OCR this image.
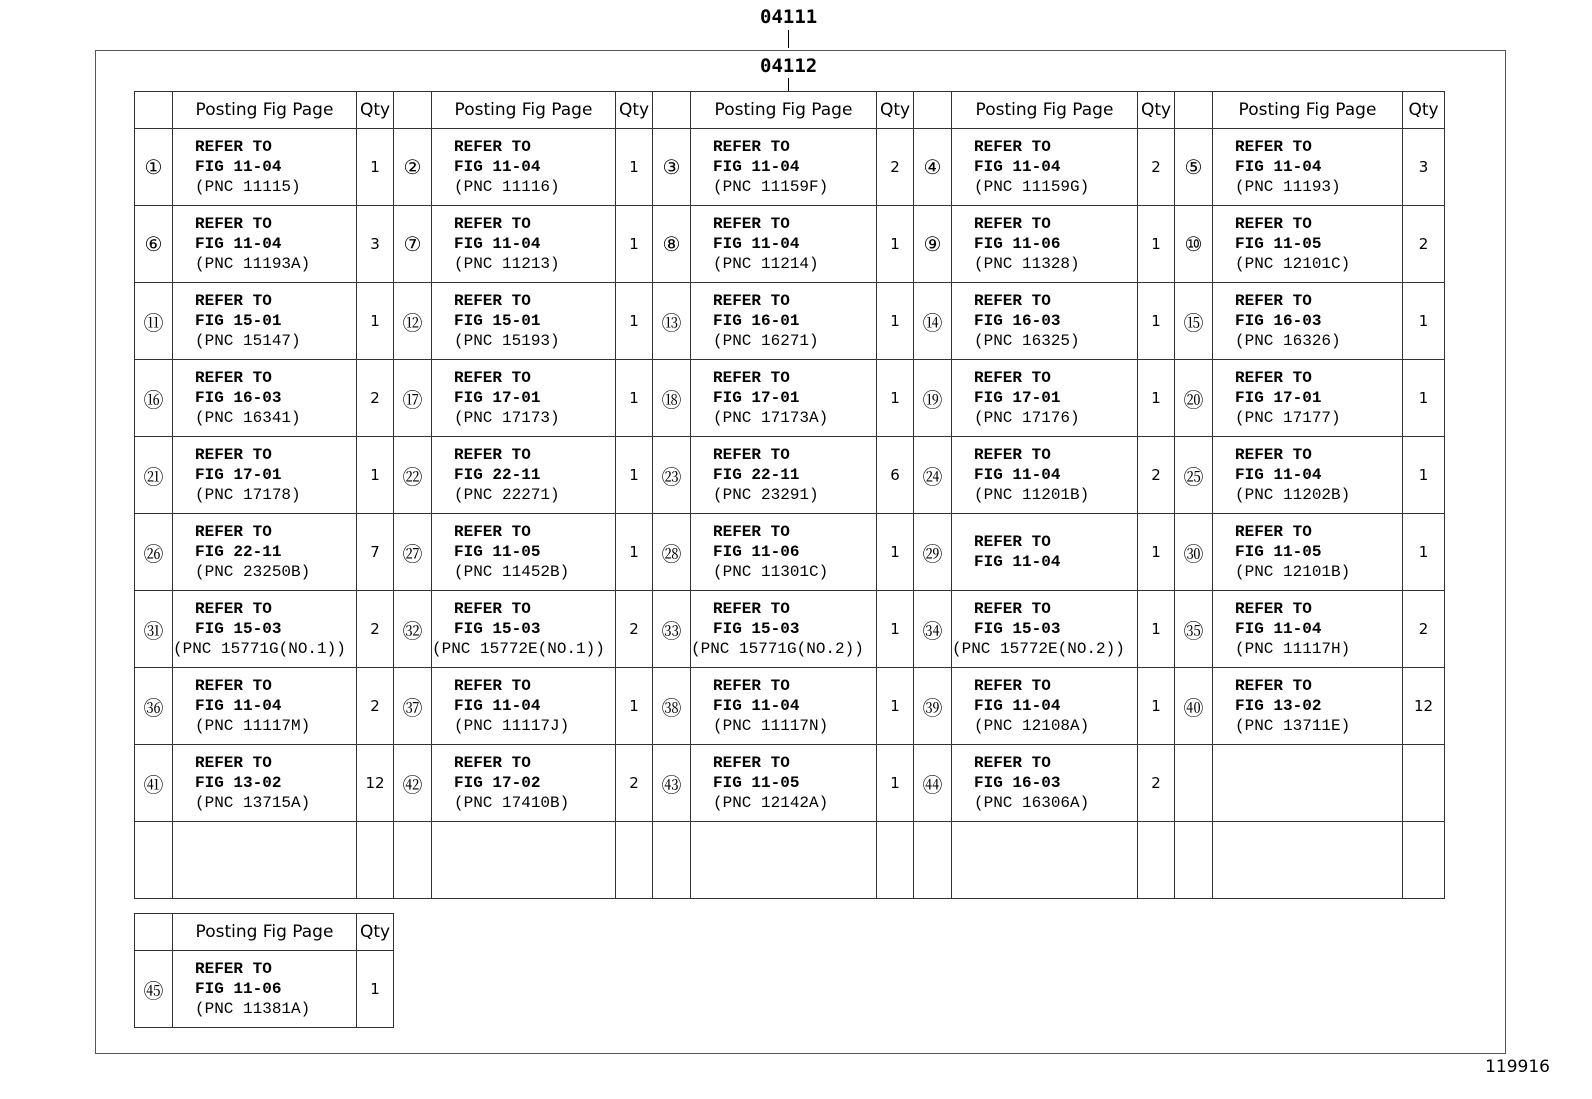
04111
04112
	Posting Fig Page	Qty		Posting Fig Page	Qty		Posting Fig Page	Qty		Posting Fig Page	Qty		Posting Fig Page	Qty
①	REFER TO
FIG 11-04
(PNC 11115)	1	②	REFER TO
FIG 11-04
(PNC 11116)	1	③	REFER TO
FIG 11-04
(PNC 11159F)	2	④	REFER TO
FIG 11-04
(PNC 11159G)	2	⑤	REFER TO
FIG 11-04
(PNC 11193)	3
⑥	REFER TO
FIG 11-04
(PNC 11193A)	3	⑦	REFER TO
FIG 11-04
(PNC 11213)	1	⑧	REFER TO
FIG 11-04
(PNC 11214)	1	⑨	REFER TO
FIG 11-06
(PNC 11328)	1	⑩	REFER TO
FIG 11-05
(PNC 12101C)	2
⑪	REFER TO
FIG 15-01
(PNC 15147)	1	⑫	REFER TO
FIG 15-01
(PNC 15193)	1	⑬	REFER TO
FIG 16-01
(PNC 16271)	1	⑭	REFER TO
FIG 16-03
(PNC 16325)	1	⑮	REFER TO
FIG 16-03
(PNC 16326)	1
⑯	REFER TO
FIG 16-03
(PNC 16341)	2	⑰	REFER TO
FIG 17-01
(PNC 17173)	1	⑱	REFER TO
FIG 17-01
(PNC 17173A)	1	⑲	REFER TO
FIG 17-01
(PNC 17176)	1	⑳	REFER TO
FIG 17-01
(PNC 17177)	1
㉑	REFER TO
FIG 17-01
(PNC 17178)	1	㉒	REFER TO
FIG 22-11
(PNC 22271)	1	㉓	REFER TO
FIG 22-11
(PNC 23291)	6	㉔	REFER TO
FIG 11-04
(PNC 11201B)	2	㉕	REFER TO
FIG 11-04
(PNC 11202B)	1
㉖	REFER TO
FIG 22-11
(PNC 23250B)	7	㉗	REFER TO
FIG 11-05
(PNC 11452B)	1	㉘	REFER TO
FIG 11-06
(PNC 11301C)	1	㉙	REFER TO
FIG 11-04	1	㉚	REFER TO
FIG 11-05
(PNC 12101B)	1
㉛	REFER TO
FIG 15-03
(PNC 15771G(NO.1))	2	㉜	REFER TO
FIG 15-03
(PNC 15772E(NO.1))	2	㉝	REFER TO
FIG 15-03
(PNC 15771G(NO.2))	1	㉞	REFER TO
FIG 15-03
(PNC 15772E(NO.2))	1	㉟	REFER TO
FIG 11-04
(PNC 11117H)	2
㊱	REFER TO
FIG 11-04
(PNC 11117M)	2	㊲	REFER TO
FIG 11-04
(PNC 11117J)	1	㊳	REFER TO
FIG 11-04
(PNC 11117N)	1	㊴	REFER TO
FIG 11-04
(PNC 12108A)	1	㊵	REFER TO
FIG 13-02
(PNC 13711E)	12
㊶	REFER TO
FIG 13-02
(PNC 13715A)	12	㊷	REFER TO
FIG 17-02
(PNC 17410B)	2	㊸	REFER TO
FIG 11-05
(PNC 12142A)	1	㊹	REFER TO
FIG 16-03
(PNC 16306A)	2			

	Posting Fig Page	Qty
㊺	REFER TO
FIG 11-06
(PNC 11381A)	1
119916
